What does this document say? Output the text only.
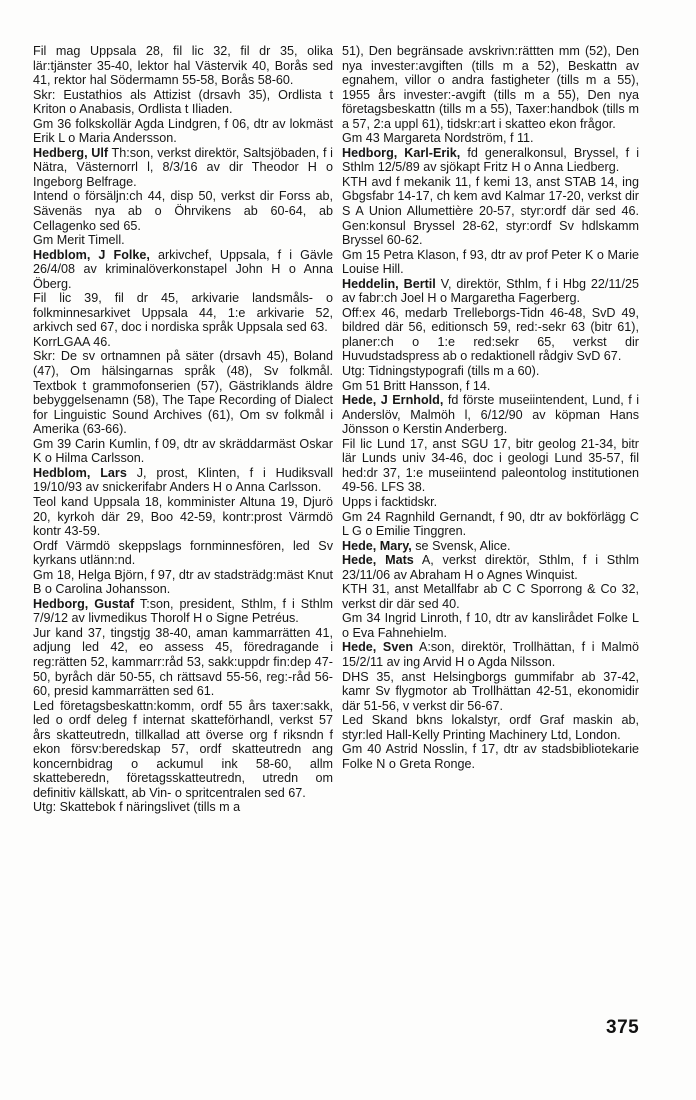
Fil mag Uppsala 28, fil lic 32, fil dr 35, olika lär:tjänster 35-40, lektor hal Västervik 40, Borås sed 41, rektor hal Södermamn 55-58, Borås 58-60.

Skr: Eustathios als Attizist (drsavh 35), Ordlista t Kriton o Anabasis, Ordlista t Iliaden.

Gm 36 folkskollär Agda Lindgren, f 06, dtr av lokmäst Erik L o Maria Andersson.

Hedberg, Ulf Th:son, verkst direktör, Saltsjöbaden, f i Nätra, Västernorrl l, 8/3/16 av dir Theodor H o Ingeborg Belfrage.

Intend o försäljn:ch 44, disp 50, verkst dir Forss ab, Sävenäs nya ab o Öhrvikens ab 60-64, ab Cellagenko sed 65.

Gm Merit Timell.

Hedblom, J Folke, arkivchef, Uppsala, f i Gävle 26/4/08 av kriminalöverkonstapel John H o Anna Öberg.

Fil lic 39, fil dr 45, arkivarie landsmåls- o folkminnesarkivet Uppsala 44, 1:e arkivarie 52, arkivch sed 67, doc i nordiska språk Uppsala sed 63.

KorrLGAA 46.

Skr: De sv ortnamnen på säter (drsavh 45), Boland (47), Om hälsingarnas språk (48), Sv folkmål. Textbok t grammofonserien (57), Gästriklands äldre bebyggelsenamn (58), The Tape Recording of Dialect for Linguistic Sound Archives (61), Om sv folkmål i Amerika (63-66).

Gm 39 Carin Kumlin, f 09, dtr av skräddarmäst Oskar K o Hilma Carlsson.

Hedblom, Lars J, prost, Klinten, f i Hudiksvall 19/10/93 av snickerifabr Anders H o Anna Carlsson.

Teol kand Uppsala 18, komminister Altuna 19, Djurö 20, kyrkoh där 29, Boo 42-59, kontr:prost Värmdö kontr 43-59.

Ordf Värmdö skeppslags fornminnesfören, led Sv kyrkans utlänn:nd.

Gm 18, Helga Björn, f 97, dtr av stadsträdg:mäst Knut B o Carolina Johansson.

Hedborg, Gustaf T:son, president, Sthlm, f i Sthlm 7/9/12 av livmedikus Thorolf H o Signe Petréus.

Jur kand 37, tingstjg 38-40, aman kammarrätten 41, adjung led 42, eo assess 45, föredragande i reg:rätten 52, kammarr:råd 53, sakk:uppdr fin:dep 47-50, byråch där 50-55, ch rättsavd 55-56, reg:-råd 56-60, presid kammarrätten sed 61.

Led företagsbeskattn:komm, ordf 55 års taxer:sakk, led o ordf deleg f internat skatteförhandl, verkst 57 års skatteutredn, tillkallad att översе org f riksndn f ekon försv:beredskap 57, ordf skatteutredn ang koncernbidrag o ackumul ink 58-60, allm skatteberedn, företagsskatteutredn, utredn om definitiv källskatt, ab Vin- o spritcentralen sed 67.

Utg: Skattebok f näringslivet (tills m a

51), Den begränsade avskrivn:rättten mm (52), Den nya invester:avgiften (tills m a 52), Beskattn av egnahem, villor o andra fastigheter (tills m a 55), 1955 års invester:-avgift (tills m a 55), Den nya företagsbeskattn (tills m a 55), Taxer:handbok (tills m a 57, 2:a uppl 61), tidskr:art i skatteo ekon frågor.

Gm 43 Margareta Nordström, f 11.

Hedborg, Karl-Erik, fd generalkonsul, Bryssel, f i Sthlm 12/5/89 av sjökapt Fritz H o Anna Liedberg.

KTH avd f mekanik 11, f kemi 13, anst STAB 14, ing Gbgsfabr 14-17, ch kem avd Kalmar 17-20, verkst dir S A Union Allumettière 20-57, styr:ordf där sed 46. Gen:konsul Bryssel 28-62, styr:ordf Sv hdlskamm Bryssel 60-62.

Gm 15 Petra Klason, f 93, dtr av prof Peter K o Marie Louise Hill.

Heddelin, Bertil V, direktör, Sthlm, f i Hbg 22/11/25 av fabr:ch Joel H o Margaretha Fagerberg.

Off:ex 46, medarb Trelleborgs-Tidn 46-48, SvD 49, bildred där 56, editionsch 59, red:-sekr 63 (bitr 61), planer:ch o 1:e red:sekr 65, verkst dir Huvudstadspress ab o redaktionell rådgiv SvD 67.

Utg: Tidningstypografi (tills m a 60).

Gm 51 Britt Hansson, f 14.

Hede, J Ernhold, fd förste museiintendent, Lund, f i Anderslöv, Malmöh l, 6/12/90 av köpman Hans Jönsson o Kerstin Anderberg.

Fil lic Lund 17, anst SGU 17, bitr geolog 21-34, bitr lär Lunds univ 34-46, doc i geologi Lund 35-57, fil hed:dr 37, 1:e museiintend paleontolog institutionen 49-56. LFS 38.

Upps i facktidskr.

Gm 24 Ragnhild Gernandt, f 90, dtr av bokförlägg C L G o Emilie Tinggren.

Hede, Mary, se Svensk, Alice.

Hede, Mats A, verkst direktör, Sthlm, f i Sthlm 23/11/06 av Abraham H o Agnes Winquist.

KTH 31, anst Metallfabr ab C C Sporrong & Co 32, verkst dir där sed 40.

Gm 34 Ingrid Linroth, f 10, dtr av kanslirådet Folke L o Eva Fahnehielm.

Hede, Sven A:son, direktör, Trollhättan, f i Malmö 15/2/11 av ing Arvid H o Agda Nilsson.

DHS 35, anst Helsingborgs gummifabr ab 37-42, kamr Sv flygmotor ab Trollhättan 42-51, ekonomidir där 51-56, v verkst dir 56-67.

Led Skand bkns lokalstyr, ordf Graf maskin ab, styr:led Hall-Kelly Printing Machinery Ltd, London.

Gm 40 Astrid Nosslin, f 17, dtr av stadsbibliotekarie Folke N o Greta Ronge.

375
